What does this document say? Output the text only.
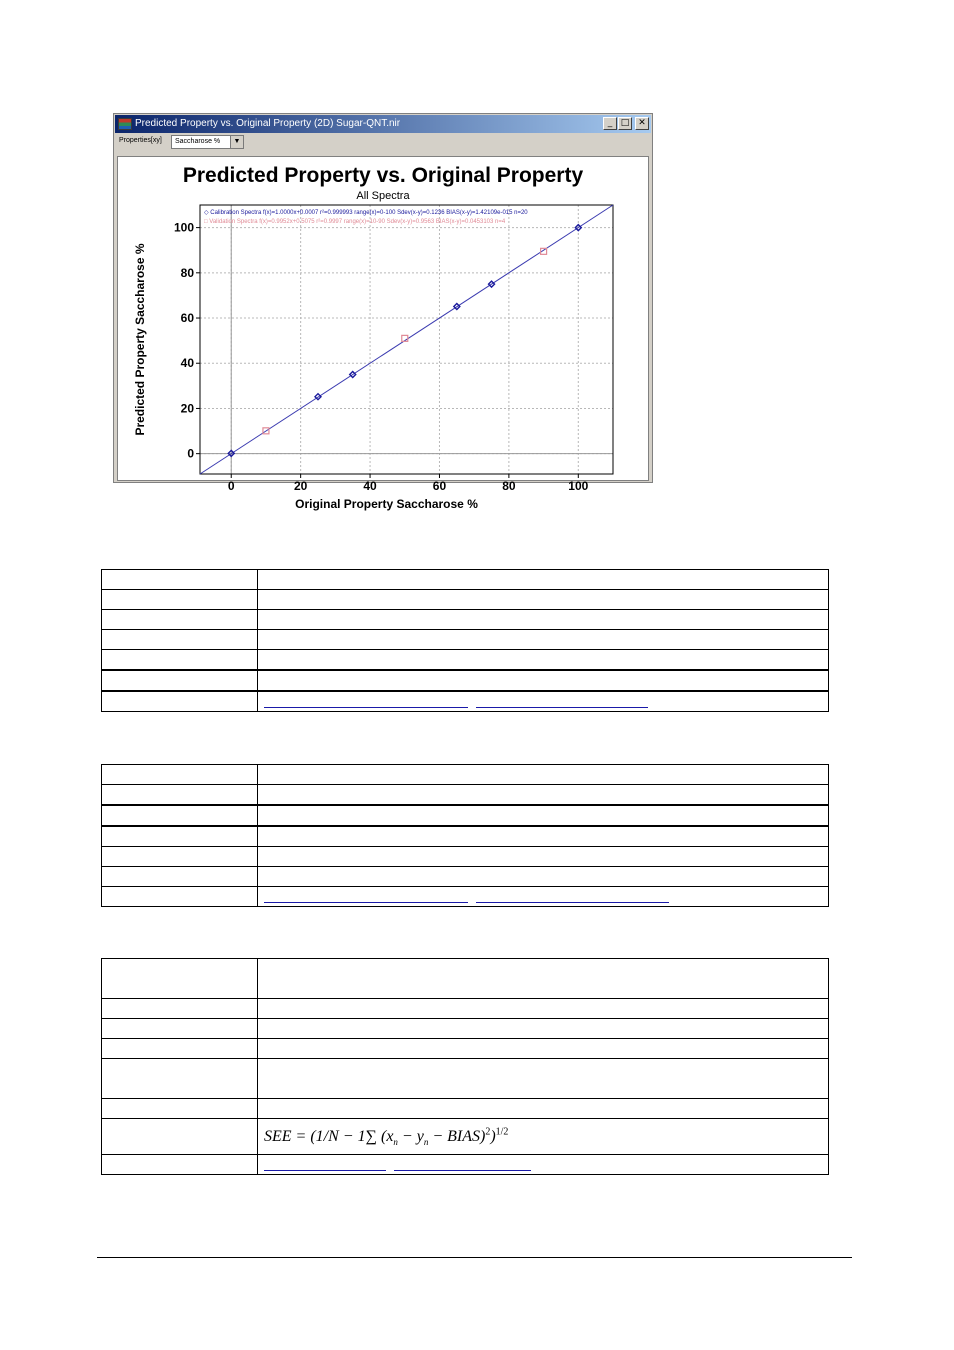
Predicted Property vs. Original Property (2D) Sugar-QNT.nir	_ □ ✕
Properties[xy]	Saccharose %	▼
Predicted Property vs. Original Property
All Spectra
0	20	40	60	80	100
0
20
40
60
80
100
Original Property Saccharose %
Predicted Property Saccharose %
◇ Calibration Spectra f(x)=1.0000x+0.0007 r²=0.999993 range(x)=0-100 Sdev(x-y)=0.1236 BIAS(x-y)=1.42109e-015 n=20
□ Validation Spectra f(x)=0.9952x+0.5075 r²=0.9997 range(x)=10-90 Sdev(x-y)=0.9563 BIAS(x-y)=0.0453103 n=4

	SEE = (1/N − 1∑ ($x_n - y_n$ − BIAS)$^2$)$^{1/2}$
